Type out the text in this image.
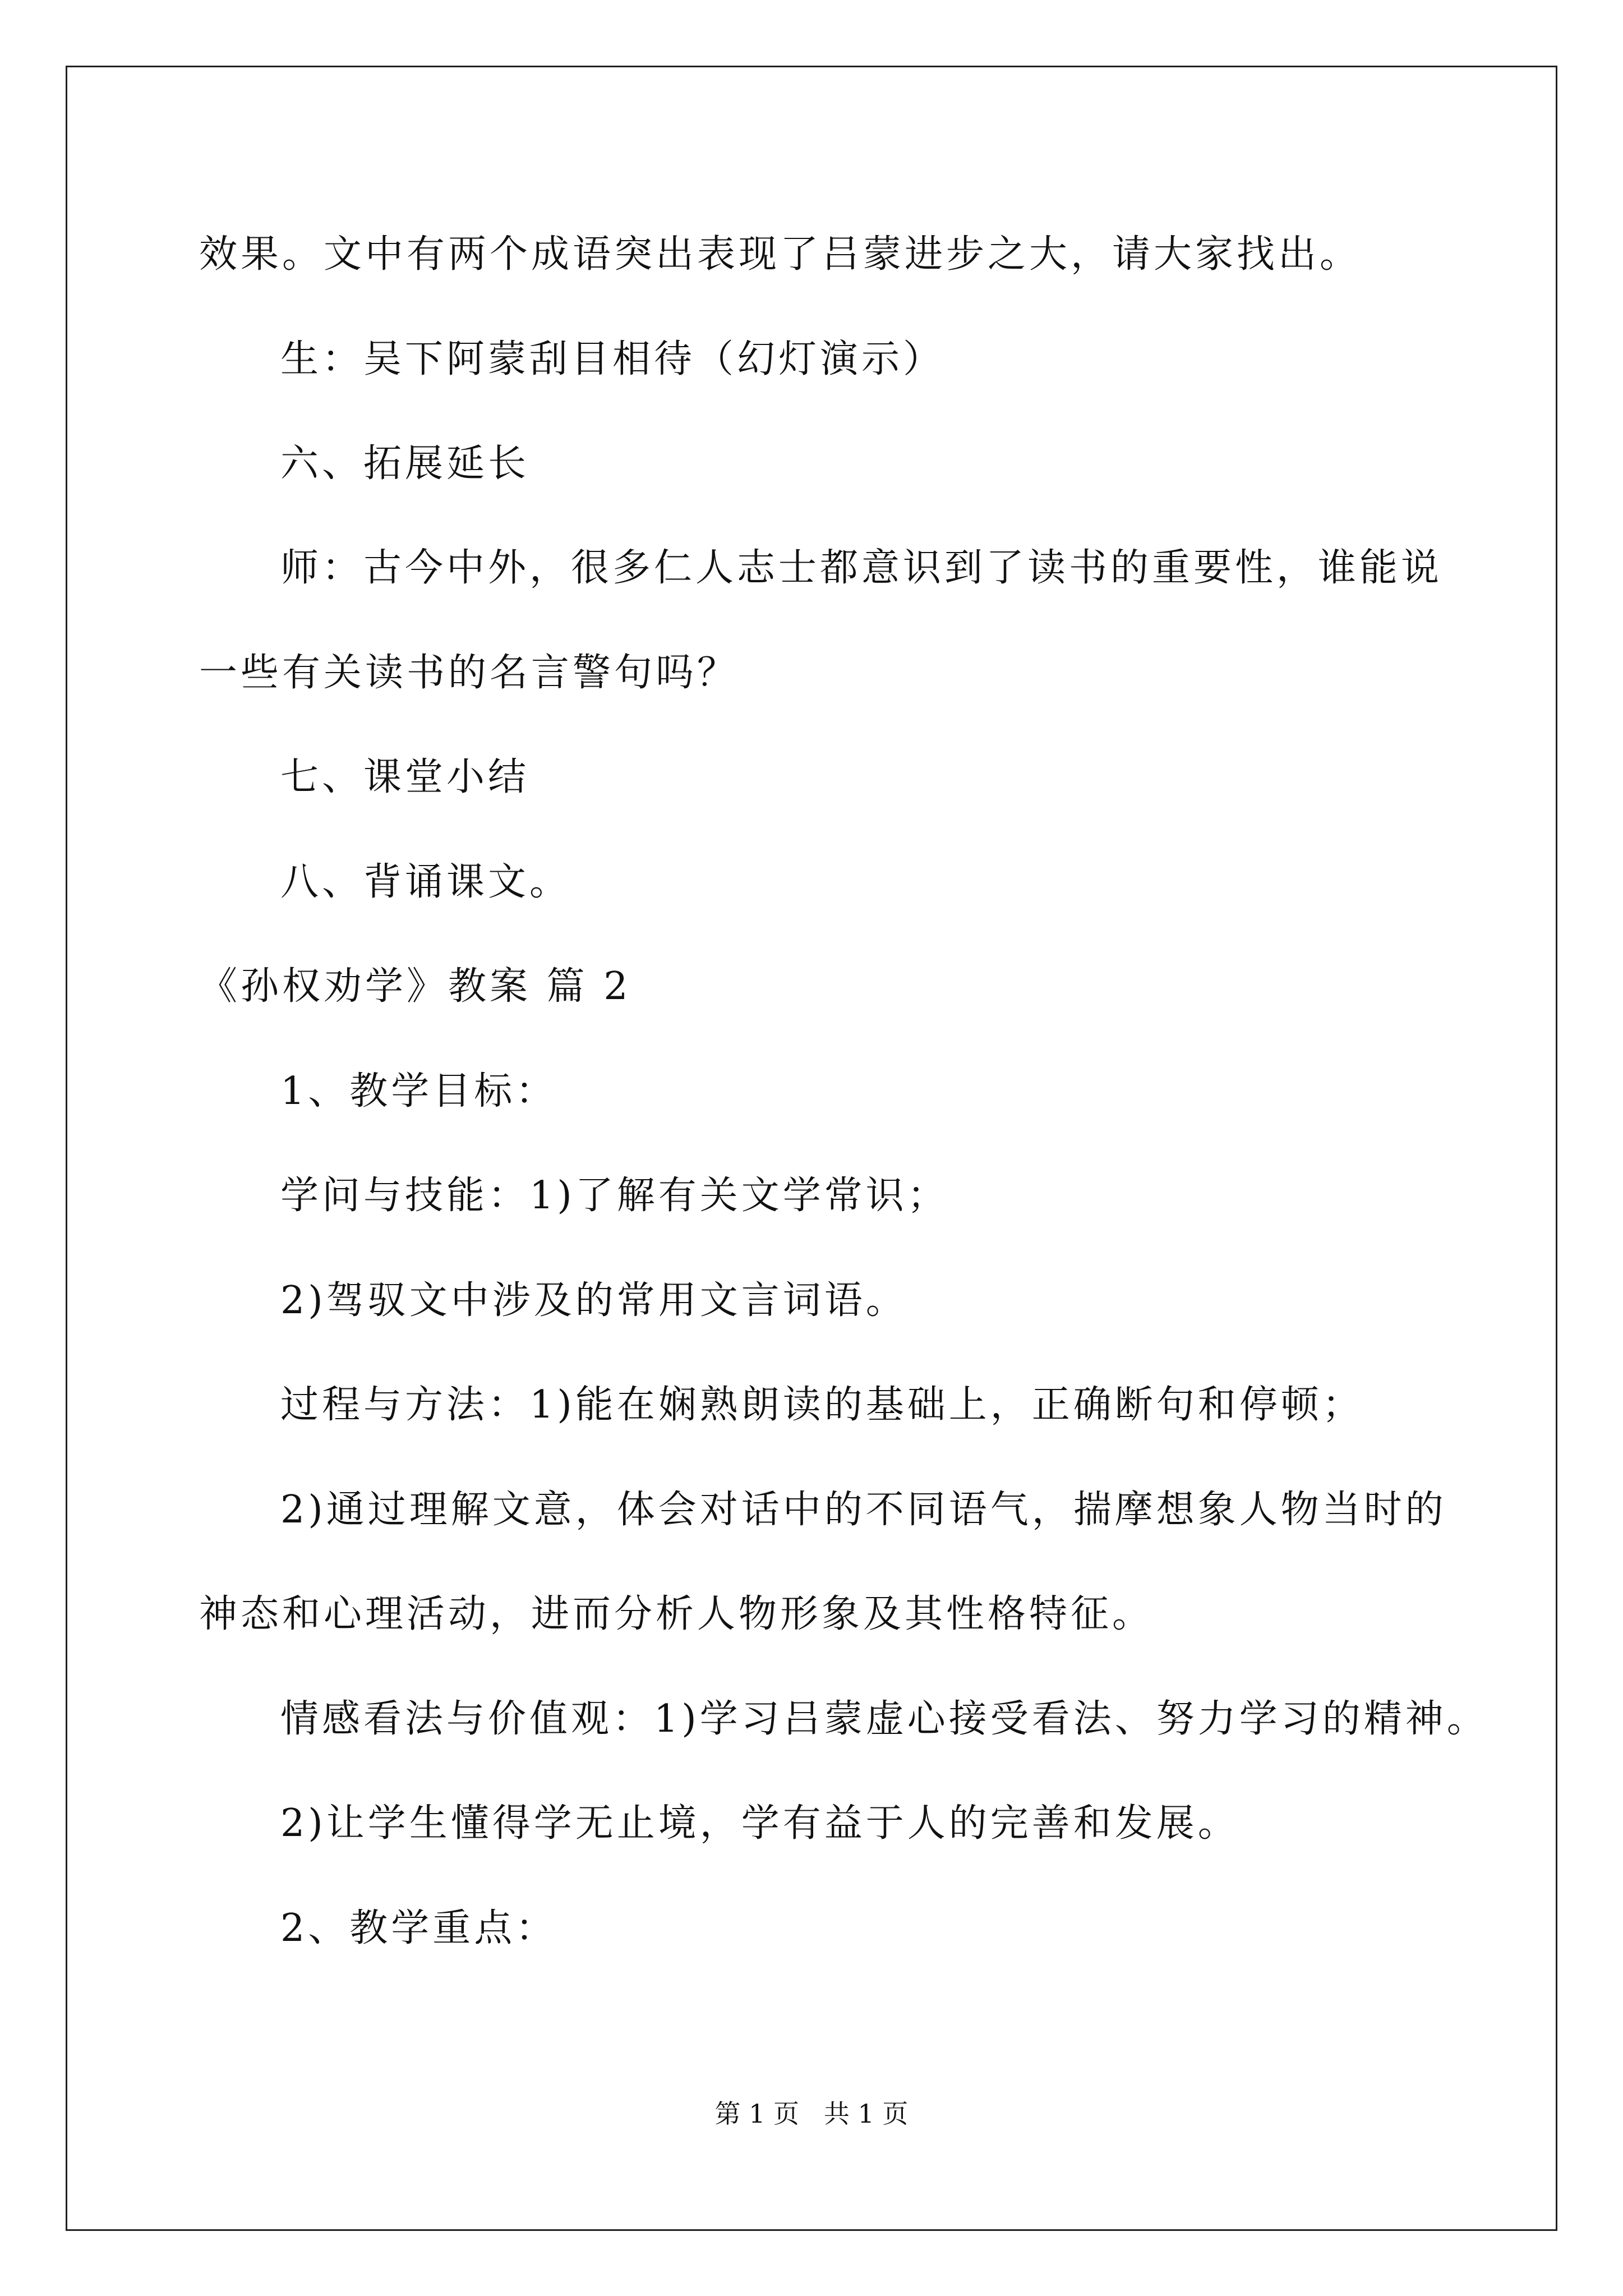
效果。文中有两个成语突出表现了吕蒙进步之大，请大家找出。
生：吴下阿蒙刮目相待（幻灯演示）
六、拓展延长
师：古今中外，很多仁人志士都意识到了读书的重要性，谁能说
一些有关读书的名言警句吗？
七、课堂小结
八、背诵课文。
《孙权劝学》教案 篇 2
1、教学目标：
学问与技能：1)了解有关文学常识；
2)驾驭文中涉及的常用文言词语。
过程与方法：1)能在娴熟朗读的基础上，正确断句和停顿；
2)通过理解文意，体会对话中的不同语气，揣摩想象人物当时的
神态和心理活动，进而分析人物形象及其性格特征。
情感看法与价值观：1)学习吕蒙虚心接受看法、努力学习的精神。
2)让学生懂得学无止境，学有益于人的完善和发展。
2、教学重点：
第 1 页   共 1 页
